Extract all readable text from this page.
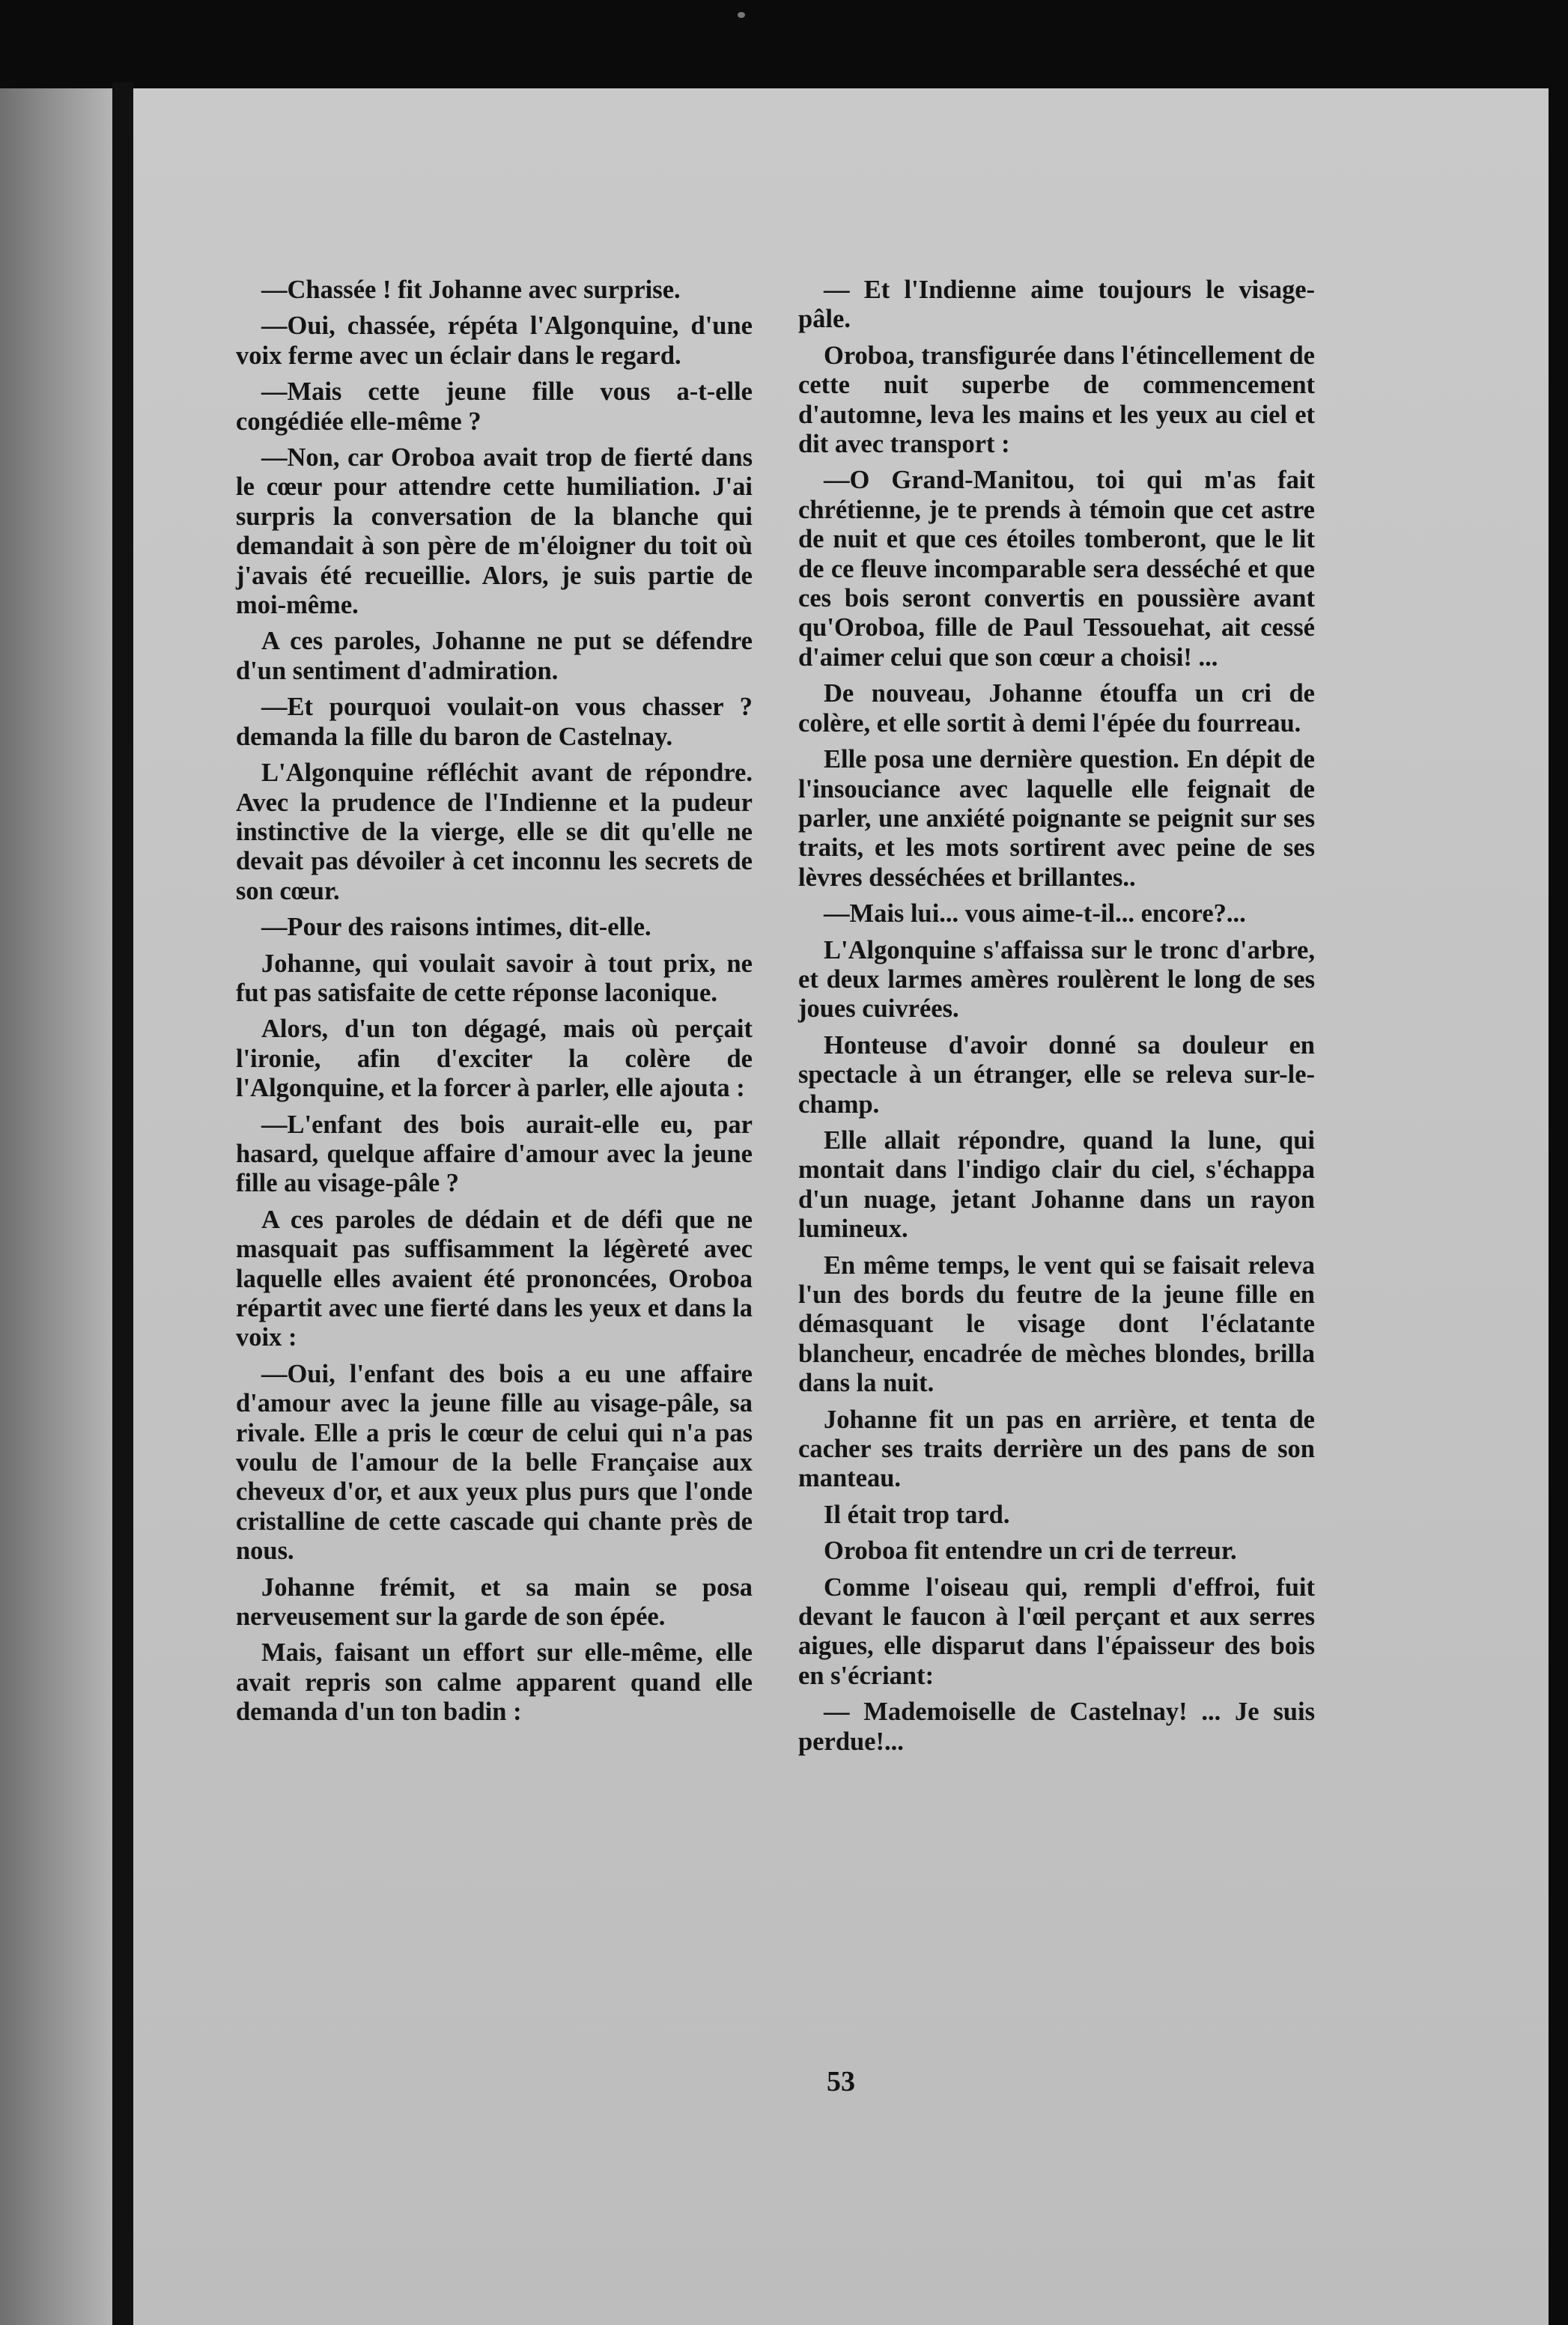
—Chassée ! fit Johanne avec surprise.

—Oui, chassée, répéta l'Algonquine, d'une voix ferme avec un éclair dans le regard.

—Mais cette jeune fille vous a-t-elle congédiée elle-même ?

—Non, car Oroboa avait trop de fierté dans le cœur pour attendre cette humiliation. J'ai surpris la conversation de la blanche qui demandait à son père de m'éloigner du toit où j'avais été recueillie. Alors, je suis partie de moi-même.

A ces paroles, Johanne ne put se défendre d'un sentiment d'admiration.

—Et pourquoi voulait-on vous chasser ? demanda la fille du baron de Castelnay.

L'Algonquine réfléchit avant de répondre. Avec la prudence de l'Indienne et la pudeur instinctive de la vierge, elle se dit qu'elle ne devait pas dévoiler à cet inconnu les secrets de son cœur.

—Pour des raisons intimes, dit-elle.

Johanne, qui voulait savoir à tout prix, ne fut pas satisfaite de cette réponse laconique.

Alors, d'un ton dégagé, mais où perçait l'ironie, afin d'exciter la colère de l'Algonquine, et la forcer à parler, elle ajouta :

—L'enfant des bois aurait-elle eu, par hasard, quelque affaire d'amour avec la jeune fille au visage-pâle ?

A ces paroles de dédain et de défi que ne masquait pas suffisamment la légèreté avec laquelle elles avaient été prononcées, Oroboa répartit avec une fierté dans les yeux et dans la voix :

—Oui, l'enfant des bois a eu une affaire d'amour avec la jeune fille au visage-pâle, sa rivale. Elle a pris le cœur de celui qui n'a pas voulu de l'amour de la belle Française aux cheveux d'or, et aux yeux plus purs que l'onde cristalline de cette cascade qui chante près de nous.

Johanne frémit, et sa main se posa nerveusement sur la garde de son épée.

Mais, faisant un effort sur elle-même, elle avait repris son calme apparent quand elle demanda d'un ton badin :

— Et l'Indienne aime toujours le visage-pâle.

Oroboa, transfigurée dans l'étincellement de cette nuit superbe de commencement d'automne, leva les mains et les yeux au ciel et dit avec transport :

—O Grand-Manitou, toi qui m'as fait chrétienne, je te prends à témoin que cet astre de nuit et que ces étoiles tomberont, que le lit de ce fleuve incomparable sera desséché et que ces bois seront convertis en poussière avant qu'Oroboa, fille de Paul Tessouehat, ait cessé d'aimer celui que son cœur a choisi! ...

De nouveau, Johanne étouffa un cri de colère, et elle sortit à demi l'épée du fourreau.

Elle posa une dernière question. En dépit de l'insouciance avec laquelle elle feignait de parler, une anxiété poignante se peignit sur ses traits, et les mots sortirent avec peine de ses lèvres desséchées et brillantes..

—Mais lui... vous aime-t-il... encore?...

L'Algonquine s'affaissa sur le tronc d'arbre, et deux larmes amères roulèrent le long de ses joues cuivrées.

Honteuse d'avoir donné sa douleur en spectacle à un étranger, elle se releva sur-le-champ.

Elle allait répondre, quand la lune, qui montait dans l'indigo clair du ciel, s'échappa d'un nuage, jetant Johanne dans un rayon lumineux.

En même temps, le vent qui se faisait releva l'un des bords du feutre de la jeune fille en démasquant le visage dont l'éclatante blancheur, encadrée de mèches blondes, brilla dans la nuit.

Johanne fit un pas en arrière, et tenta de cacher ses traits derrière un des pans de son manteau.

Il était trop tard.

Oroboa fit entendre un cri de terreur.

Comme l'oiseau qui, rempli d'effroi, fuit devant le faucon à l'œil perçant et aux serres aigues, elle disparut dans l'épaisseur des bois en s'écriant:

— Mademoiselle de Castelnay! ... Je suis perdue!...

53
